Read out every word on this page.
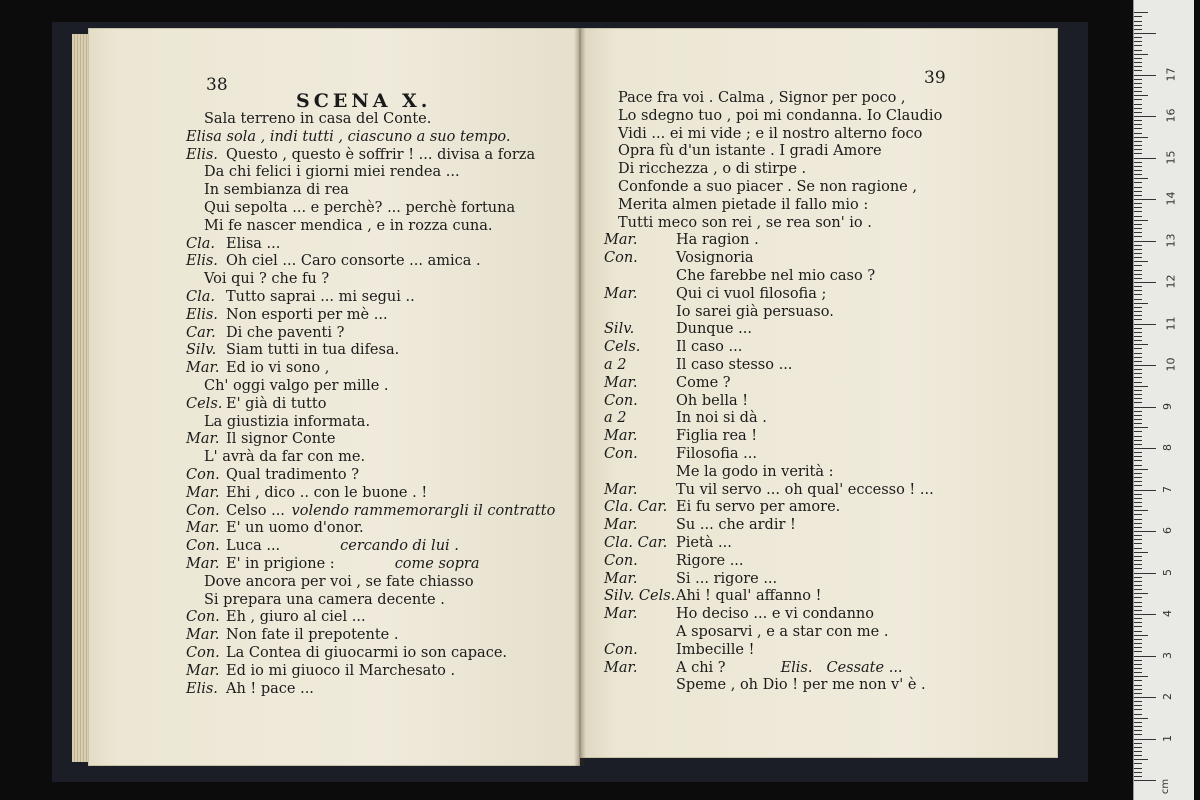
38	39
SCENA X.
Sala terreno in casa del Conte.
Elisa sola , indi tutti , ciascuno a suo tempo.
Elis. Questo , questo è soffrir ! ... divisa a forza
Da chi felici i giorni miei rendea ...
In sembianza di rea
Qui sepolta ... e perchè? ... perchè fortuna
Mi fe nascer mendica , e in rozza cuna.
Cla. Elisa ...
Elis. Oh ciel ... Caro consorte ... amica .
Voi qui ? che fu ?
Cla. Tutto saprai ... mi segui ..
Elis. Non esporti per mè ...
Car. Di che paventi ?
Silv. Siam tutti in tua difesa.
Mar. Ed io vi sono ,
Ch' oggi valgo per mille .
Cels. E' già di tutto
La giustizia informata.
Mar. Il signor Conte
L' avrà da far con me.
Con. Qual tradimento ?
Mar. Ehi , dico .. con le buone . !
Con. Celso ... volendo rammemorargli il contratto
Mar. E' un uomo d'onor.
Con. Luca ...	cercando di lui .
Mar. E' in prigione :	come sopra
Dove ancora per voi , se fate chiasso
Si prepara una camera decente .
Con. Eh , giuro al ciel ...
Mar. Non fate il prepotente .
Con. La Contea di giuocarmi io son capace.
Mar. Ed io mi giuoco il Marchesato .
Elis. Ah ! pace ...
Pace fra voi . Calma , Signor per poco ,
Lo sdegno tuo , poi mi condanna. Io Claudio
Vidi ... ei mi vide ; e il nostro alterno foco
Opra fù d'un istante . I gradi Amore
Di ricchezza , o di stirpe .
Confonde a suo piacer . Se non ragione ,
Merita almen pietade il fallo mio :
Tutti meco son rei , se rea son' io .
Mar.	Ha ragion .
Con.	Vosignoria
Che farebbe nel mio caso ?
Mar.	Qui ci vuol filosofia ;
Io sarei già persuaso.
Silv.	Dunque ...
Cels. Il caso ...
a 2	Il caso stesso ...
Mar.	Come ?
Con.	Oh bella !
a 2	In noi si dà .
Mar.	Figlia rea !
Con.	Filosofia ...
Me la godo in verità :
Mar.	Tu vil servo ... oh qual' eccesso ! ...
Cla. Car. Ei fu servo per amore.
Mar.	Su ... che ardir !
Cla. Car. Pietà ...
Con.	Rigore ...
Mar.	Si ... rigore ...
Silv. Cels.Ahi ! qual' affanno !
Mar.	Ho deciso ... e vi condanno
A sposarvi , e a star con me .
Con.	Imbecille !
Mar.	A chi ?	Elis. Cessate ...
Speme , oh Dio ! per me non v' è .
1
2
3
4
5
6
7
8
9
10
11
12
13
14
15
16
17
cm
